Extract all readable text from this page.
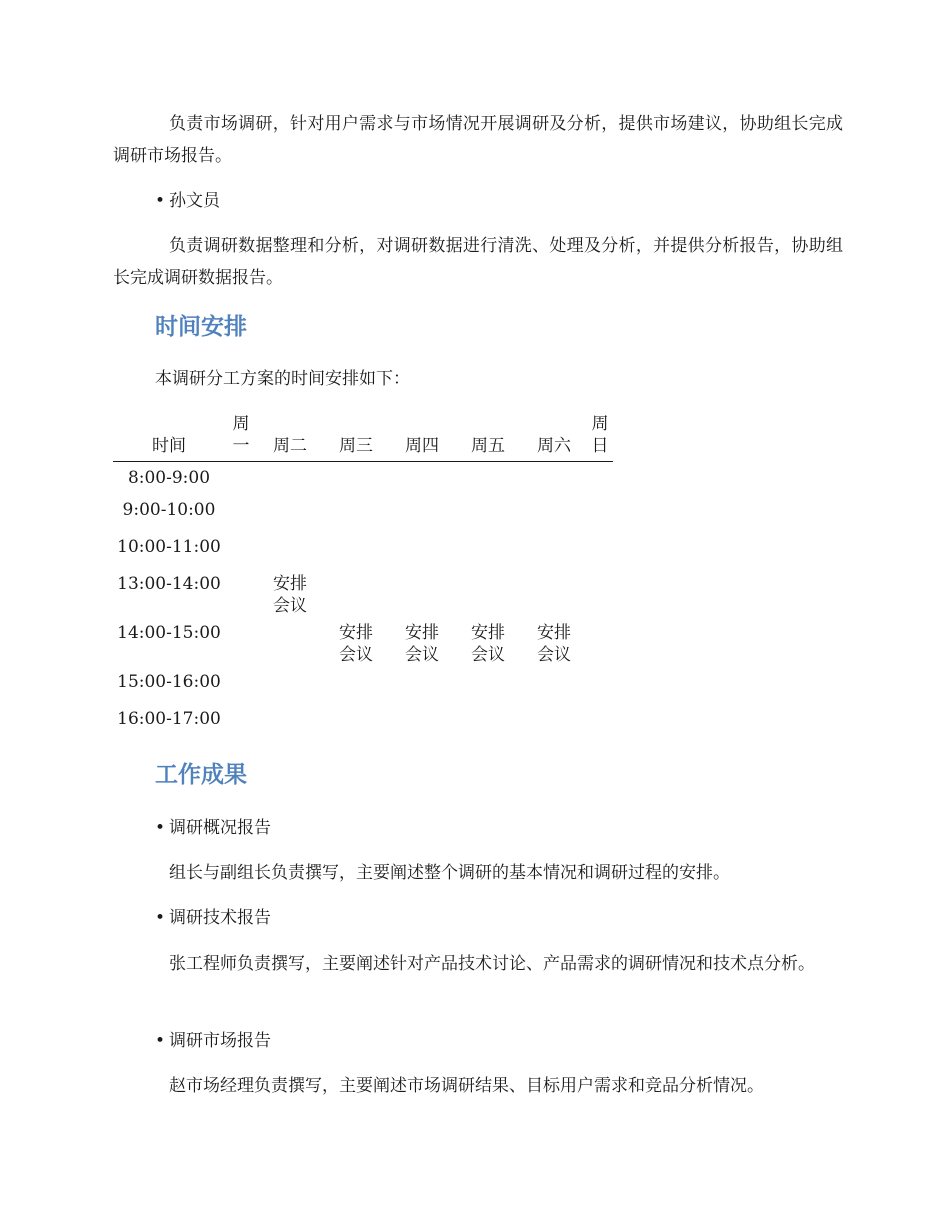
负责市场调研，针对用户需求与市场情况开展调研及分析，提供市场建议，协助组长完成调研市场报告。

• 孙文员

负责调研数据整理和分析，对调研数据进行清洗、处理及分析，并提供分析报告，协助组长完成调研数据报告。

时间安排

本调研分工方案的时间安排如下：

时间	周一	周二	周三	周四	周五	周六	周日
8:00-9:00							
9:00-10:00							
10:00-11:00							
13:00-14:00		安排会议					
14:00-15:00			安排会议	安排会议	安排会议	安排会议	
15:00-16:00							
16:00-17:00							
工作成果

• 调研概况报告

组长与副组长负责撰写，主要阐述整个调研的基本情况和调研过程的安排。

• 调研技术报告

张工程师负责撰写，主要阐述针对产品技术讨论、产品需求的调研情况和技术点分析。

• 调研市场报告

赵市场经理负责撰写，主要阐述市场调研结果、目标用户需求和竞品分析情况。
